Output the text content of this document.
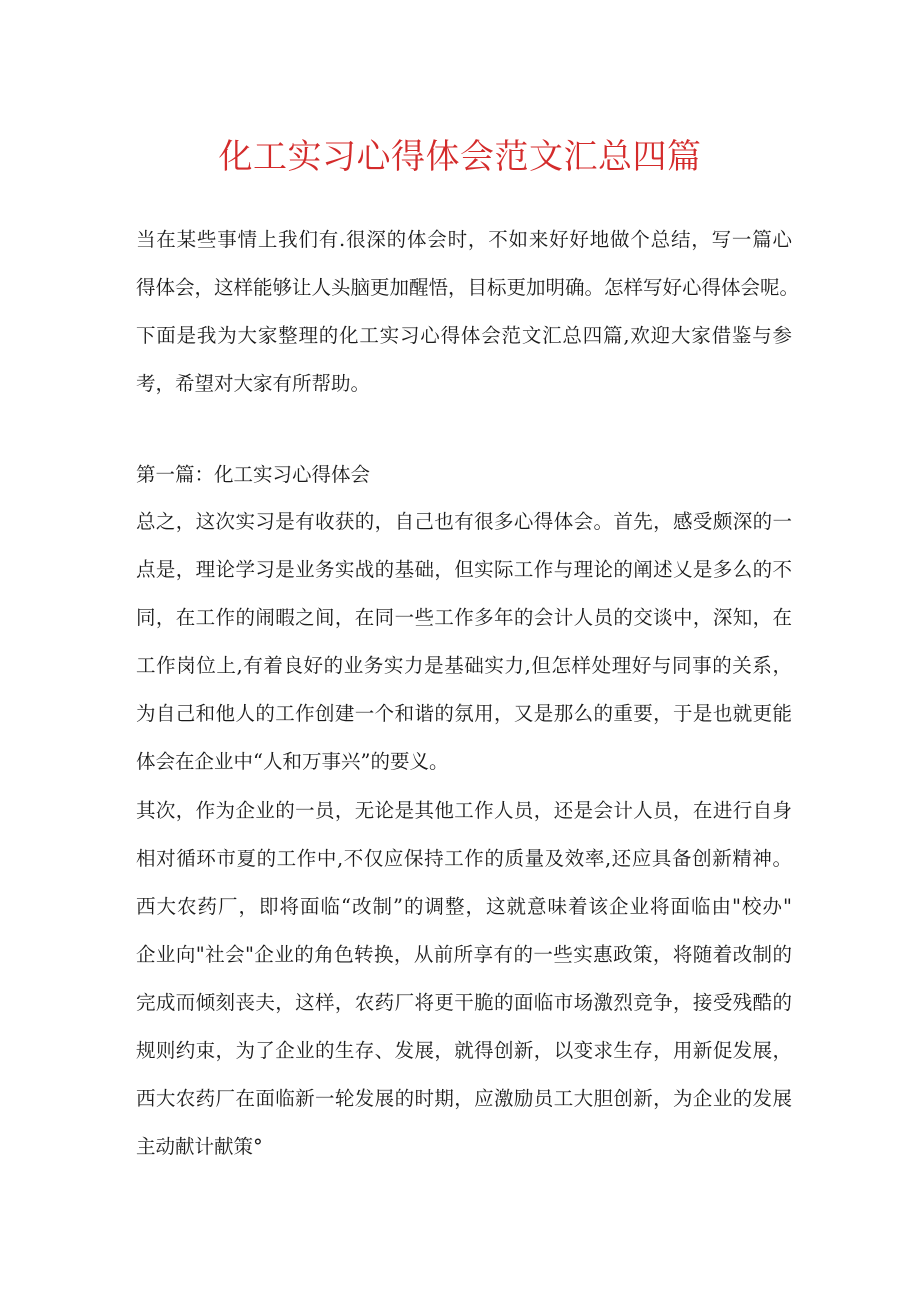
化工实习心得体会范文汇总四篇
当在某些事情上我们有.很深的体会时，不如来好好地做个总结，写一篇心
得体会，这样能够让人头脑更加醒悟，目标更加明确。怎样写好心得体会呢。
下面是我为大家整理的化工实习心得体会范文汇总四篇,欢迎大家借鉴与参
考，希望对大家有所帮助。
第一篇：化工实习心得体会
总之，这次实习是有收获的，自己也有很多心得体会。首先，感受颇深的一
点是，理论学习是业务实战的基础，但实际工作与理论的阐述乂是多么的不
同，在工作的闹暇之间，在同一些工作多年的会计人员的交谈中，深知，在
工作岗位上,有着良好的业务实力是基础实力,但怎样处理好与同事的关系，
为自己和他人的工作创建一个和谐的氛用，又是那么的重要，于是也就更能
体会在企业中“人和万事兴”的要义。
其次，作为企业的一员，无论是其他工作人员，还是会计人员，在进行自身
相对循环市夏的工作中,不仅应保持工作的质量及效率,还应具备创新精神。
西大农药厂，即将面临“改制”的调整，这就意味着该企业将面临由"校办"
企业向"社会"企业的角色转换，从前所享有的一些实惠政策，将随着改制的
完成而倾刻丧夫，这样，农药厂将更干脆的面临市场激烈竞争，接受残酷的
规则约束，为了企业的生存、发展，就得创新，以变求生存，用新促发展，
西大农药厂在面临新一轮发展的时期，应激励员工大胆创新，为企业的发展
主动献计献策°
